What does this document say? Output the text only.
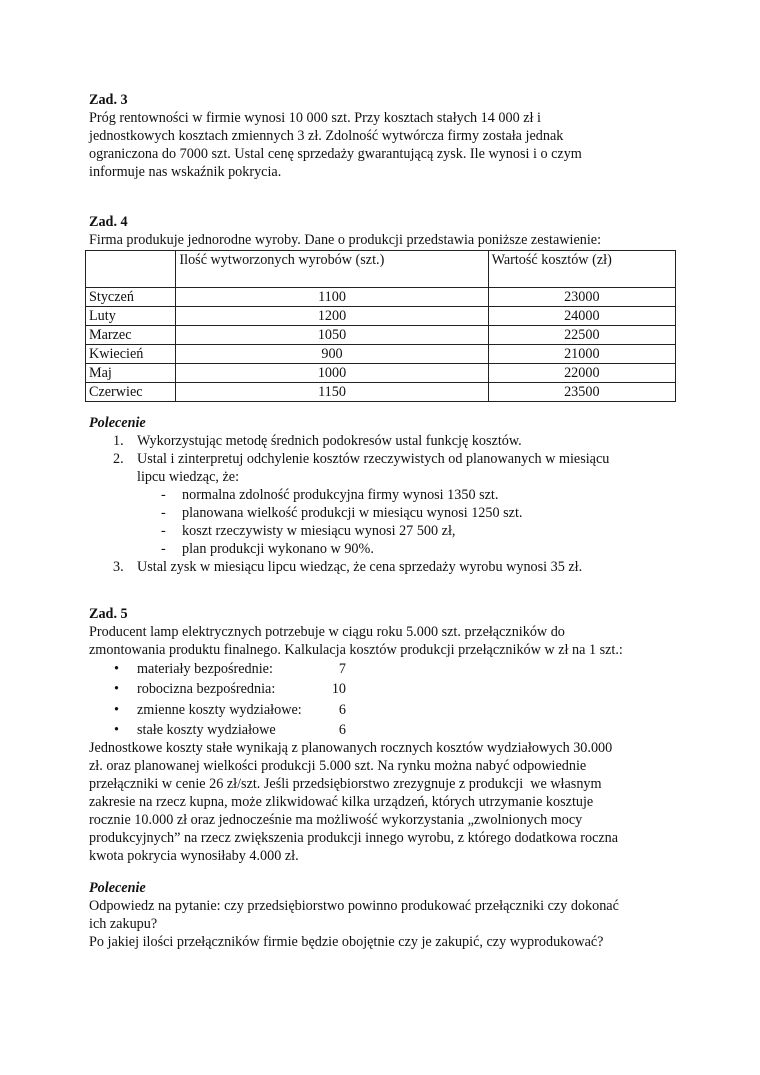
Zad. 3
Próg rentowności w firmie wynosi 10 000 szt. Przy kosztach stałych 14 000 zł i
jednostkowych kosztach zmiennych 3 zł. Zdolność wytwórcza firmy została jednak
ograniczona do 7000 szt. Ustal cenę sprzedaży gwarantującą zysk. Ile wynosi i o czym
informuje nas wskaźnik pokrycia.
Zad. 4
Firma produkuje jednorodne wyroby. Dane o produkcji przedstawia poniższe zestawienie:
	Ilość wytworzonych wyrobów (szt.)	Wartość kosztów (zł)
Styczeń	1100	23000
Luty	1200	24000
Marzec	1050	22500
Kwiecień	900	21000
Maj	1000	22000
Czerwiec	1150	23500
Polecenie
1. Wykorzystując metodę średnich podokresów ustal funkcję kosztów.
2. Ustal i zinterpretuj odchylenie kosztów rzeczywistych od planowanych w miesiącu
lipcu wiedząc, że:
- normalna zdolność produkcyjna firmy wynosi 1350 szt.
- planowana wielkość produkcji w miesiącu wynosi 1250 szt.
- koszt rzeczywisty w miesiącu wynosi 27 500 zł,
- plan produkcji wykonano w 90%.
3. Ustal zysk w miesiącu lipcu wiedząc, że cena sprzedaży wyrobu wynosi 35 zł.
Zad. 5
Producent lamp elektrycznych potrzebuje w ciągu roku 5.000 szt. przełączników do
zmontowania produktu finalnego. Kalkulacja kosztów produkcji przełączników w zł na 1 szt.:
• materiały bezpośrednie:	7
• robocizna bezpośrednia:	10
• zmienne koszty wydziałowe:	6
• stałe koszty wydziałowe	6
Jednostkowe koszty stałe wynikają z planowanych rocznych kosztów wydziałowych 30.000
zł. oraz planowanej wielkości produkcji 5.000 szt. Na rynku można nabyć odpowiednie
przełączniki w cenie 26 zł/szt. Jeśli przedsiębiorstwo zrezygnuje z produkcji  we własnym
zakresie na rzecz kupna, może zlikwidować kilka urządzeń, których utrzymanie kosztuje
rocznie 10.000 zł oraz jednocześnie ma możliwość wykorzystania „zwolnionych mocy
produkcyjnych” na rzecz zwiększenia produkcji innego wyrobu, z którego dodatkowa roczna
kwota pokrycia wynosiłaby 4.000 zł.
Polecenie
Odpowiedz na pytanie: czy przedsiębiorstwo powinno produkować przełączniki czy dokonać
ich zakupu?
Po jakiej ilości przełączników firmie będzie obojętnie czy je zakupić, czy wyprodukować?
